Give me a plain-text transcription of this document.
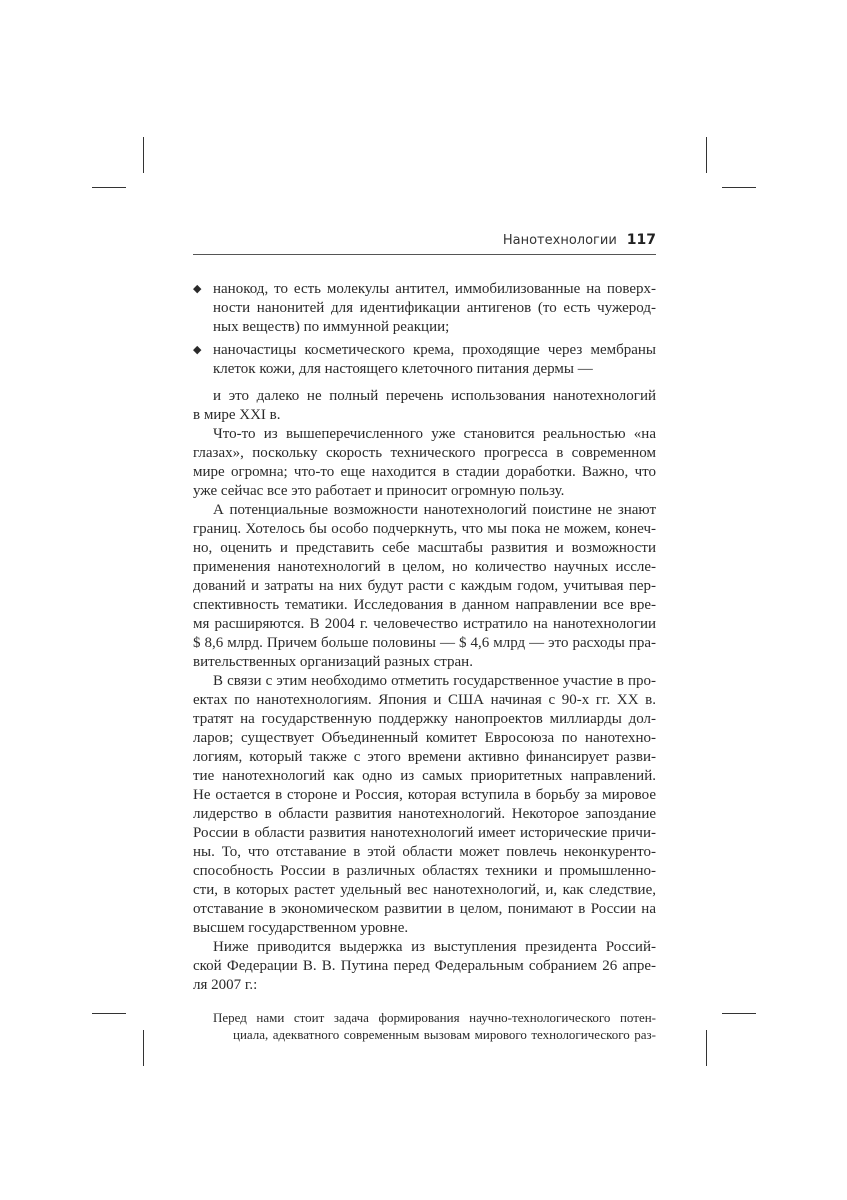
Нанотехнологии 117
◆ нанокод, то есть молекулы антител, иммобилизованные на поверх-
ности нанонитей для идентификации антигенов (то есть чужерод-
ных веществ) по иммунной реакции;
◆ наночастицы косметического крема, проходящие через мембраны
клеток кожи, для настоящего клеточного питания дермы —
и это далеко не полный перечень использования нанотехнологий
в мире XXI в.
Что-то из вышеперечисленного уже становится реальностью «на
глазах», поскольку скорость технического прогресса в современном
мире огромна; что-то еще находится в стадии доработки. Важно, что
уже сейчас все это работает и приносит огромную пользу.
А потенциальные возможности нанотехнологий поистине не знают
границ. Хотелось бы особо подчеркнуть, что мы пока не можем, конеч-
но, оценить и представить себе масштабы развития и возможности
применения нанотехнологий в целом, но количество научных иссле-
дований и затраты на них будут расти с каждым годом, учитывая пер-
спективность тематики. Исследования в данном направлении все вре-
мя расширяются. В 2004 г. человечество истратило на нанотехнологии
$ 8,6 млрд. Причем больше половины — $ 4,6 млрд — это расходы пра-
вительственных организаций разных стран.
В связи с этим необходимо отметить государственное участие в про-
ектах по нанотехнологиям. Япония и США начиная с 90-х гг. XX в.
тратят на государственную поддержку нанопроектов миллиарды дол-
ларов; существует Объединенный комитет Евросоюза по нанотехно-
логиям, который также с этого времени активно финансирует разви-
тие нанотехнологий как одно из самых приоритетных направлений.
Не остается в стороне и Россия, которая вступила в борьбу за мировое
лидерство в области развития нанотехнологий. Некоторое запоздание
России в области развития нанотехнологий имеет исторические причи-
ны. То, что отставание в этой области может повлечь неконкуренто-
способность России в различных областях техники и промышленно-
сти, в которых растет удельный вес нанотехнологий, и, как следствие,
отставание в экономическом развитии в целом, понимают в России на
высшем государственном уровне.
Ниже приводится выдержка из выступления президента Россий-
ской Федерации В. В. Путина перед Федеральным собранием 26 апре-
ля 2007 г.:
Перед нами стоит задача формирования научно-технологического потен-
циала, адекватного современным вызовам мирового технологического раз-
